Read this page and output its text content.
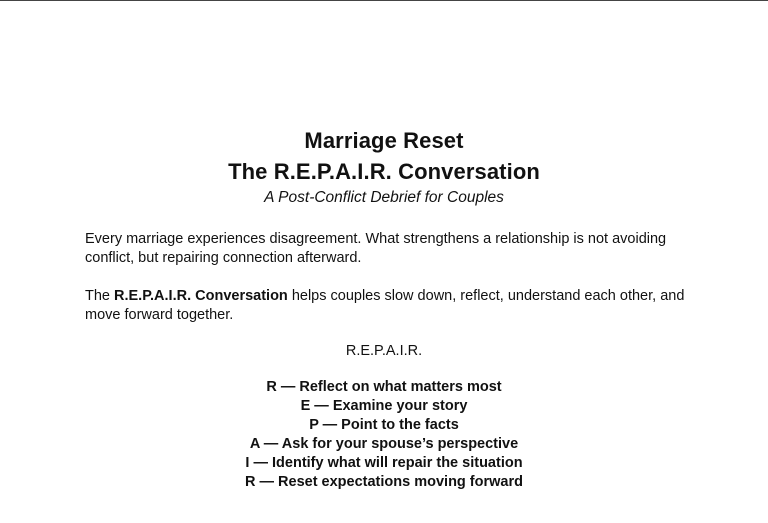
Marriage Reset
The R.E.P.A.I.R. Conversation
A Post-Conflict Debrief for Couples

Every marriage experiences disagreement. What strengthens a relationship is not avoiding conflict, but repairing connection afterward.

The R.E.P.A.I.R. Conversation helps couples slow down, reflect, understand each other, and move forward together.

R.E.P.A.I.R.
R — Reflect on what matters most
E — Examine your story
P — Point to the facts
A — Ask for your spouse’s perspective
I — Identify what will repair the situation
R — Reset expectations moving forward
